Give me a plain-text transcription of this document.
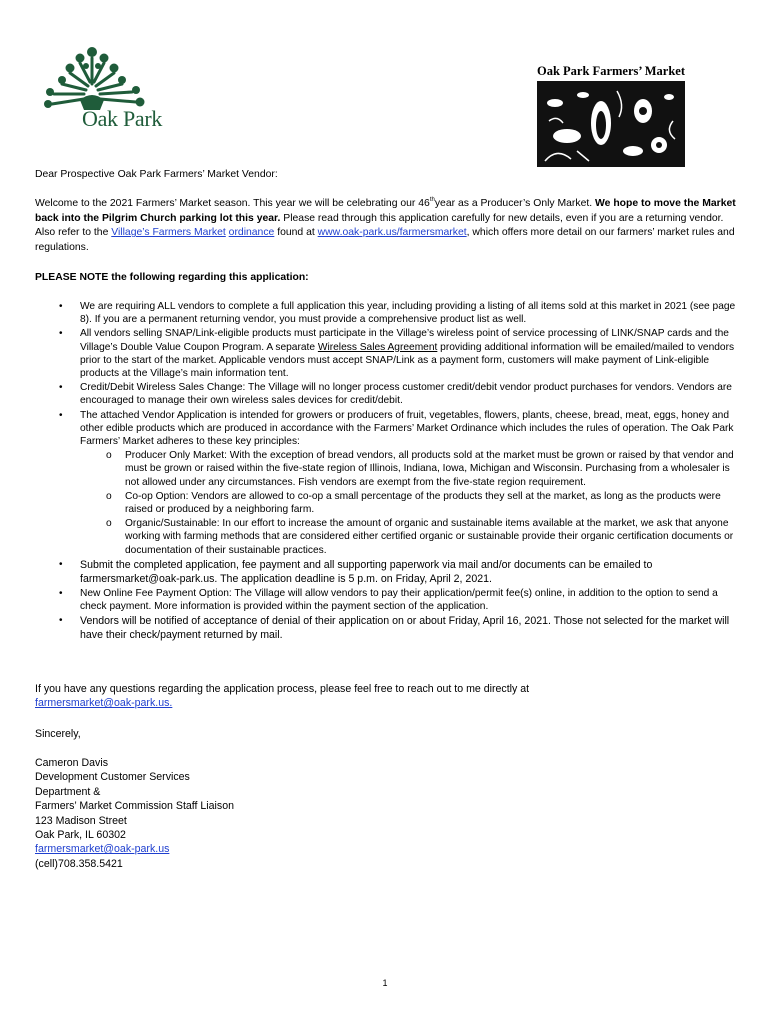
Oak Park
Oak Park Farmers’ Market
Dear Prospective Oak Park Farmers’ Market Vendor:

Welcome to the 2021 Farmers’ Market season. This year we will be celebrating our 46thyear as a Producer’s Only Market. We hope to move the Market back into the Pilgrim Church parking lot this year. Please read through this application carefully for new details, even if you are a returning vendor. Also refer to the Village’s Farmers Market ordinance found at www.oak-park.us/farmersmarket, which offers more detail on our farmers’ market rules and regulations.

PLEASE NOTE the following regarding this application:
• We are requiring ALL vendors to complete a full application this year, including providing a listing of all items sold at this market in 2021 (see page 8). If you are a permanent returning vendor, you must provide a comprehensive product list as well.
• All vendors selling SNAP/Link-eligible products must participate in the Village’s wireless point of service processing of LINK/SNAP cards and the Village’s Double Value Coupon Program. A separate Wireless Sales Agreement providing additional information will be emailed/mailed to vendors prior to the start of the market. Applicable vendors must accept SNAP/Link as a payment form, customers will make payment of Link-eligible products at the Village’s main information tent.
• Credit/Debit Wireless Sales Change: The Village will no longer process customer credit/debit vendor product purchases for vendors. Vendors are encouraged to manage their own wireless sales devices for credit/debit.
• The attached Vendor Application is intended for growers or producers of fruit, vegetables, flowers, plants, cheese, bread, meat, eggs, honey and other edible products which are produced in accordance with the Farmers’ Market Ordinance which includes the rules of operation. The Oak Park Farmers’ Market adheres to these key principles:
o Producer Only Market: With the exception of bread vendors, all products sold at the market must be grown or raised by that vendor and must be grown or raised within the five-state region of Illinois, Indiana, Iowa, Michigan and Wisconsin. Purchasing from a wholesaler is not allowed under any circumstances. Fish vendors are exempt from the five-state region requirement.
o Co-op Option: Vendors are allowed to co-op a small percentage of the products they sell at the market, as long as the products were raised or produced by a neighboring farm.
o Organic/Sustainable: In our effort to increase the amount of organic and sustainable items available at the market, we ask that anyone working with farming methods that are considered either certified organic or sustainable provide their organic certification documents or documentation of their sustainable practices.
• Submit the completed application, fee payment and all supporting paperwork via mail and/or documents can be emailed to farmersmarket@oak-park.us. The application deadline is 5 p.m. on Friday, April 2, 2021.
• New Online Fee Payment Option: The Village will allow vendors to pay their application/permit fee(s) online, in addition to the option to send a check payment. More information is provided within the payment section of the application.
• Vendors will be notified of acceptance of denial of their application on or about Friday, April 16, 2021. Those not selected for the market will have their check/payment returned by mail.
If you have any questions regarding the application process, please feel free to reach out to me directly at
farmersmarket@oak-park.us.
Sincerely,
Cameron Davis
Development Customer Services
Department &
Farmers’ Market Commission Staff Liaison
123 Madison Street
Oak Park, IL 60302
farmersmarket@oak-park.us
(cell)708.358.5421
1
